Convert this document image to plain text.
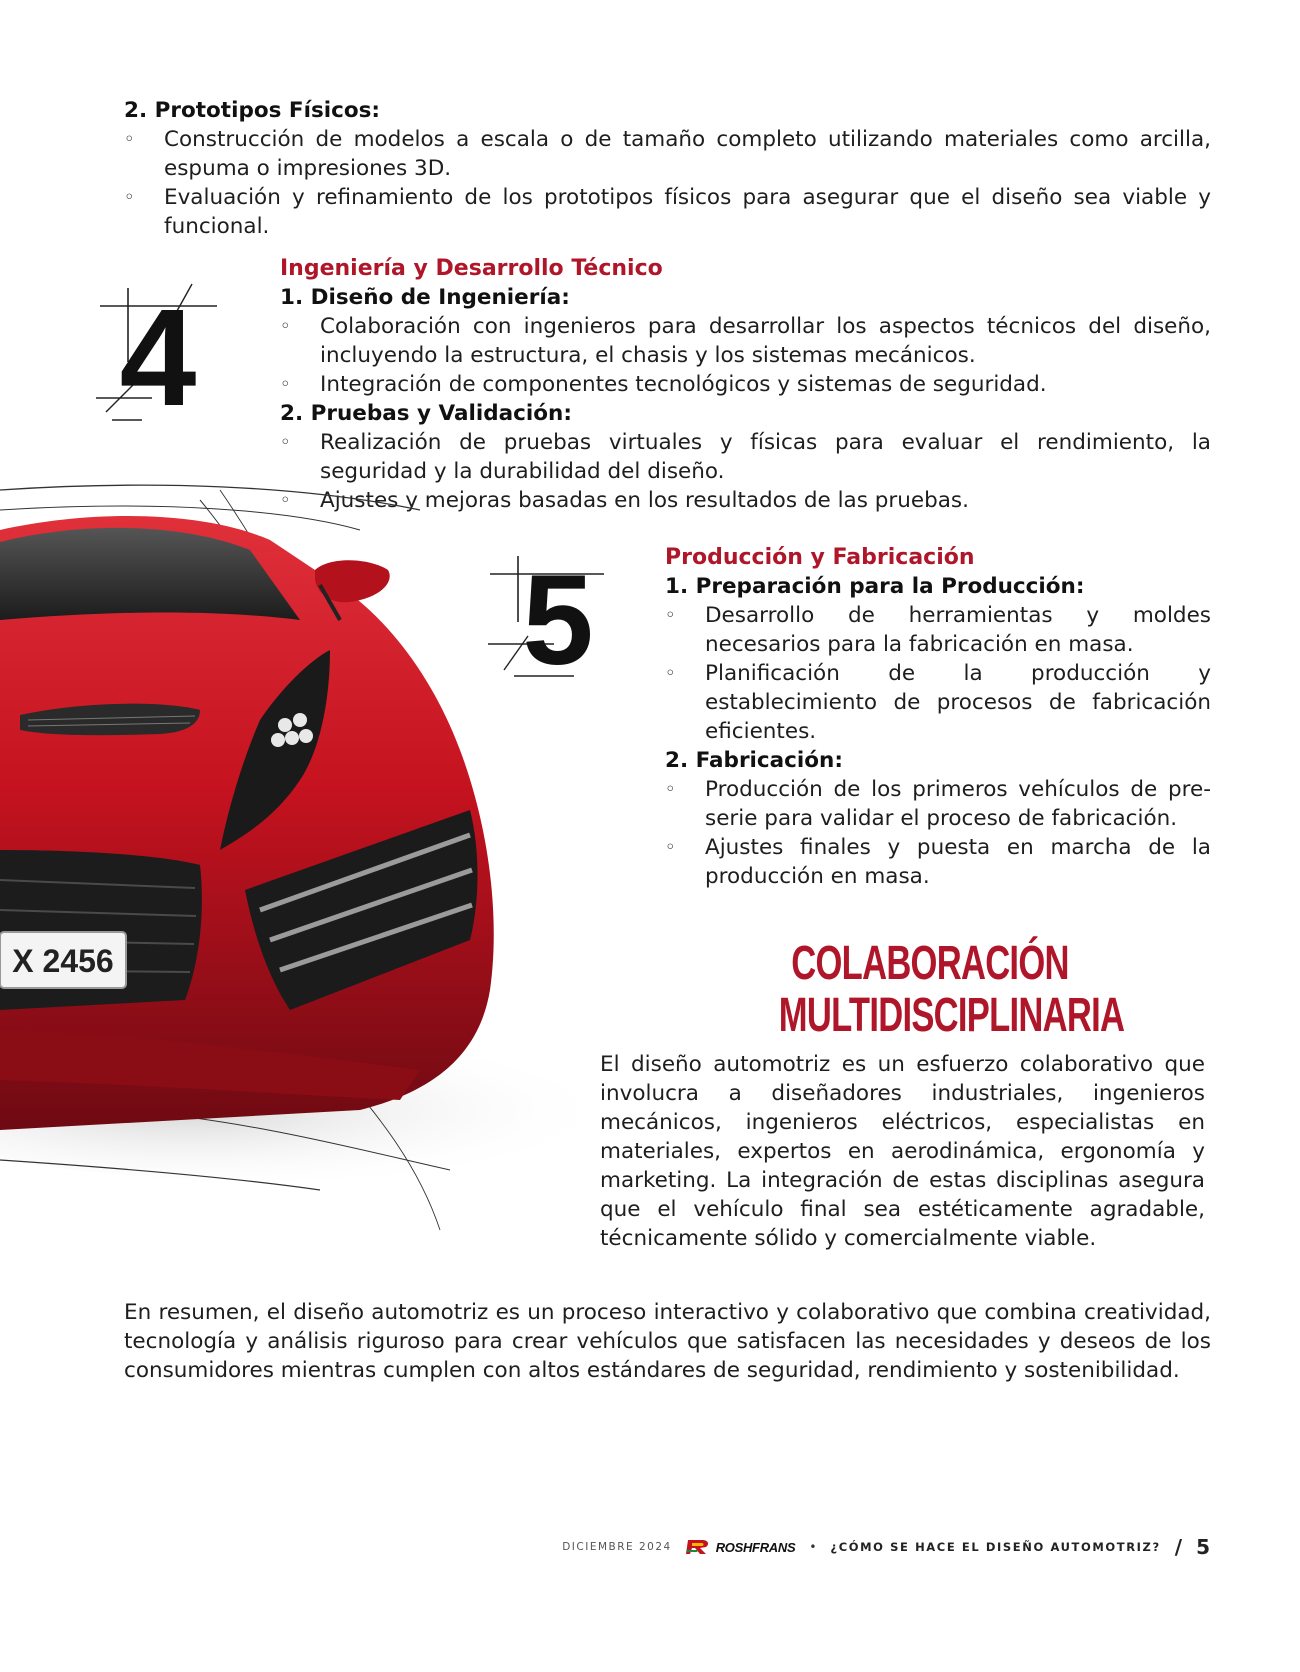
2. Prototipos Físicos:

◦ Construcción de modelos a escala o de tamaño completo utilizando materiales como arcilla, espuma o impresiones 3D.
◦ Evaluación y refinamiento de los prototipos físicos para asegurar que el diseño sea viable y funcional.
4

Ingeniería y Desarrollo Técnico

1. Diseño de Ingeniería:

◦ Colaboración con ingenieros para desarrollar los aspectos técnicos del diseño, incluyendo la estructura, el chasis y los sistemas mecánicos.
◦ Integración de componentes tecnológicos y sistemas de seguridad.

2. Pruebas y Validación:

◦ Realización de pruebas virtuales y físicas para evaluar el rendimiento, la seguridad y la durabilidad del diseño.
◦ Ajustes y mejoras basadas en los resultados de las pruebas.
X 2456
5	Producción y Fabricación

1. Preparación para la Producción:

◦ Desarrollo de herramientas y moldes necesarios para la fabricación en masa.
◦ Planificación de la producción y establecimiento de procesos de fabricación eficientes.

2. Fabricación:

◦ Producción de los primeros vehículos de pre-serie para validar el proceso de fabricación.
◦ Ajustes finales y puesta en marcha de la producción en masa.
COLABORACIÓN
MULTIDISCIPLINARIA

El diseño automotriz es un esfuerzo colaborativo que involucra a diseñadores industriales, ingenieros mecánicos, ingenieros eléctricos, especialistas en materiales, expertos en aerodinámica, ergonomía y marketing. La integración de estas disciplinas asegura que el vehículo final sea estéticamente agradable, técnicamente sólido y comercialmente viable.

En resumen, el diseño automotriz es un proceso interactivo y colaborativo que combina creatividad, tecnología y análisis riguroso para crear vehículos que satisfacen las necesidades y deseos de los consumidores mientras cumplen con altos estándares de seguridad, rendimiento y sostenibilidad.

DICIEMBRE 2024	ROSHFRANS • ¿CÓMO SE HACE EL DISEÑO AUTOMOTRIZ? / 5
